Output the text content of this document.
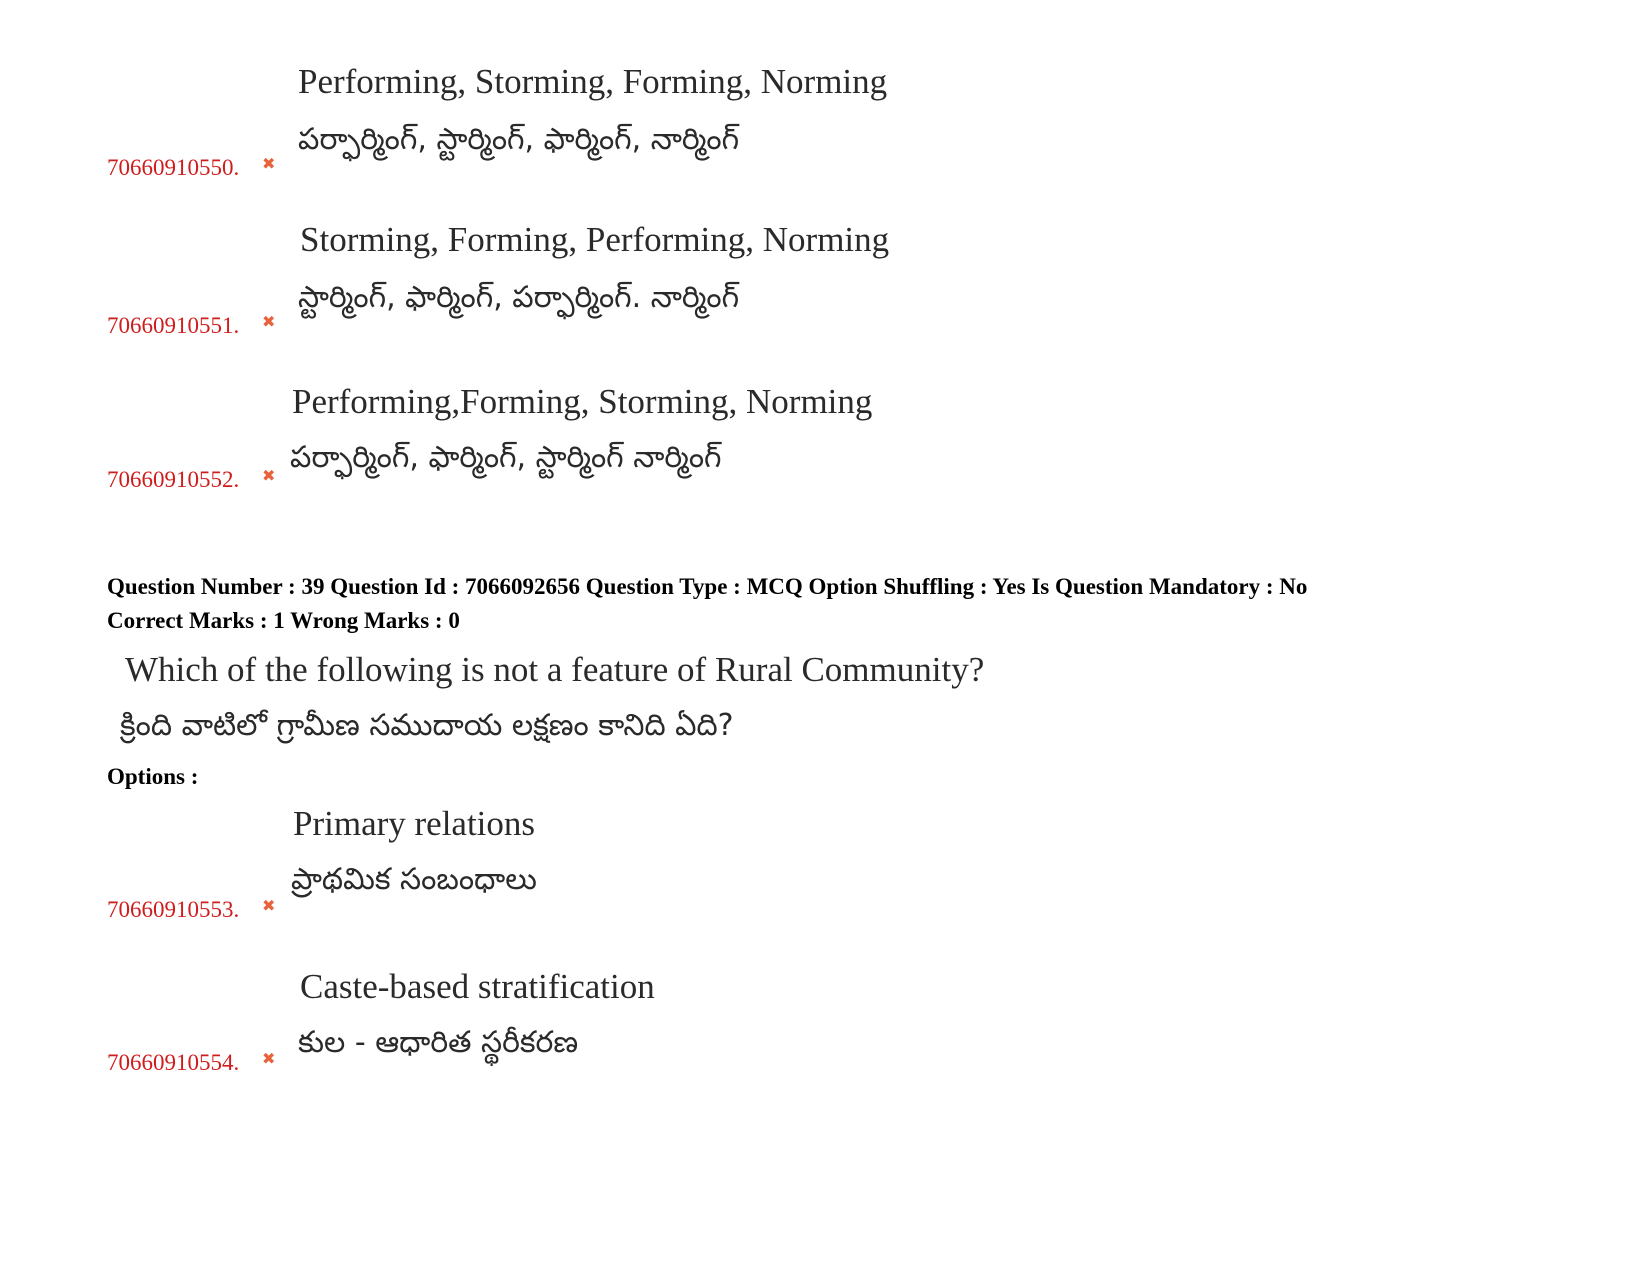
Performing, Storming, Forming, Norming
పర్ఫార్మింగ్, స్టార్మింగ్, ఫార్మింగ్, నార్మింగ్
70660910550. ✖
Storming, Forming, Performing, Norming
స్టార్మింగ్, ఫార్మింగ్, పర్ఫార్మింగ్. నార్మింగ్
70660910551. ✖
Performing,Forming, Storming, Norming
పర్ఫార్మింగ్, ఫార్మింగ్, స్టార్మింగ్ నార్మింగ్
70660910552. ✖
Question Number : 39 Question Id : 7066092656 Question Type : MCQ Option Shuffling : Yes Is Question Mandatory : No
Correct Marks : 1 Wrong Marks : 0
Which of the following is not a feature of Rural Community?
క్రింది వాటిలో గ్రామీణ సముదాయ లక్షణం కానిది ఏది?
Options :
Primary relations
ప్రాథమిక సంబంధాలు
70660910553. ✖
Caste-based stratification
కుల - ఆధారిత స్థరీకరణ
70660910554. ✖
